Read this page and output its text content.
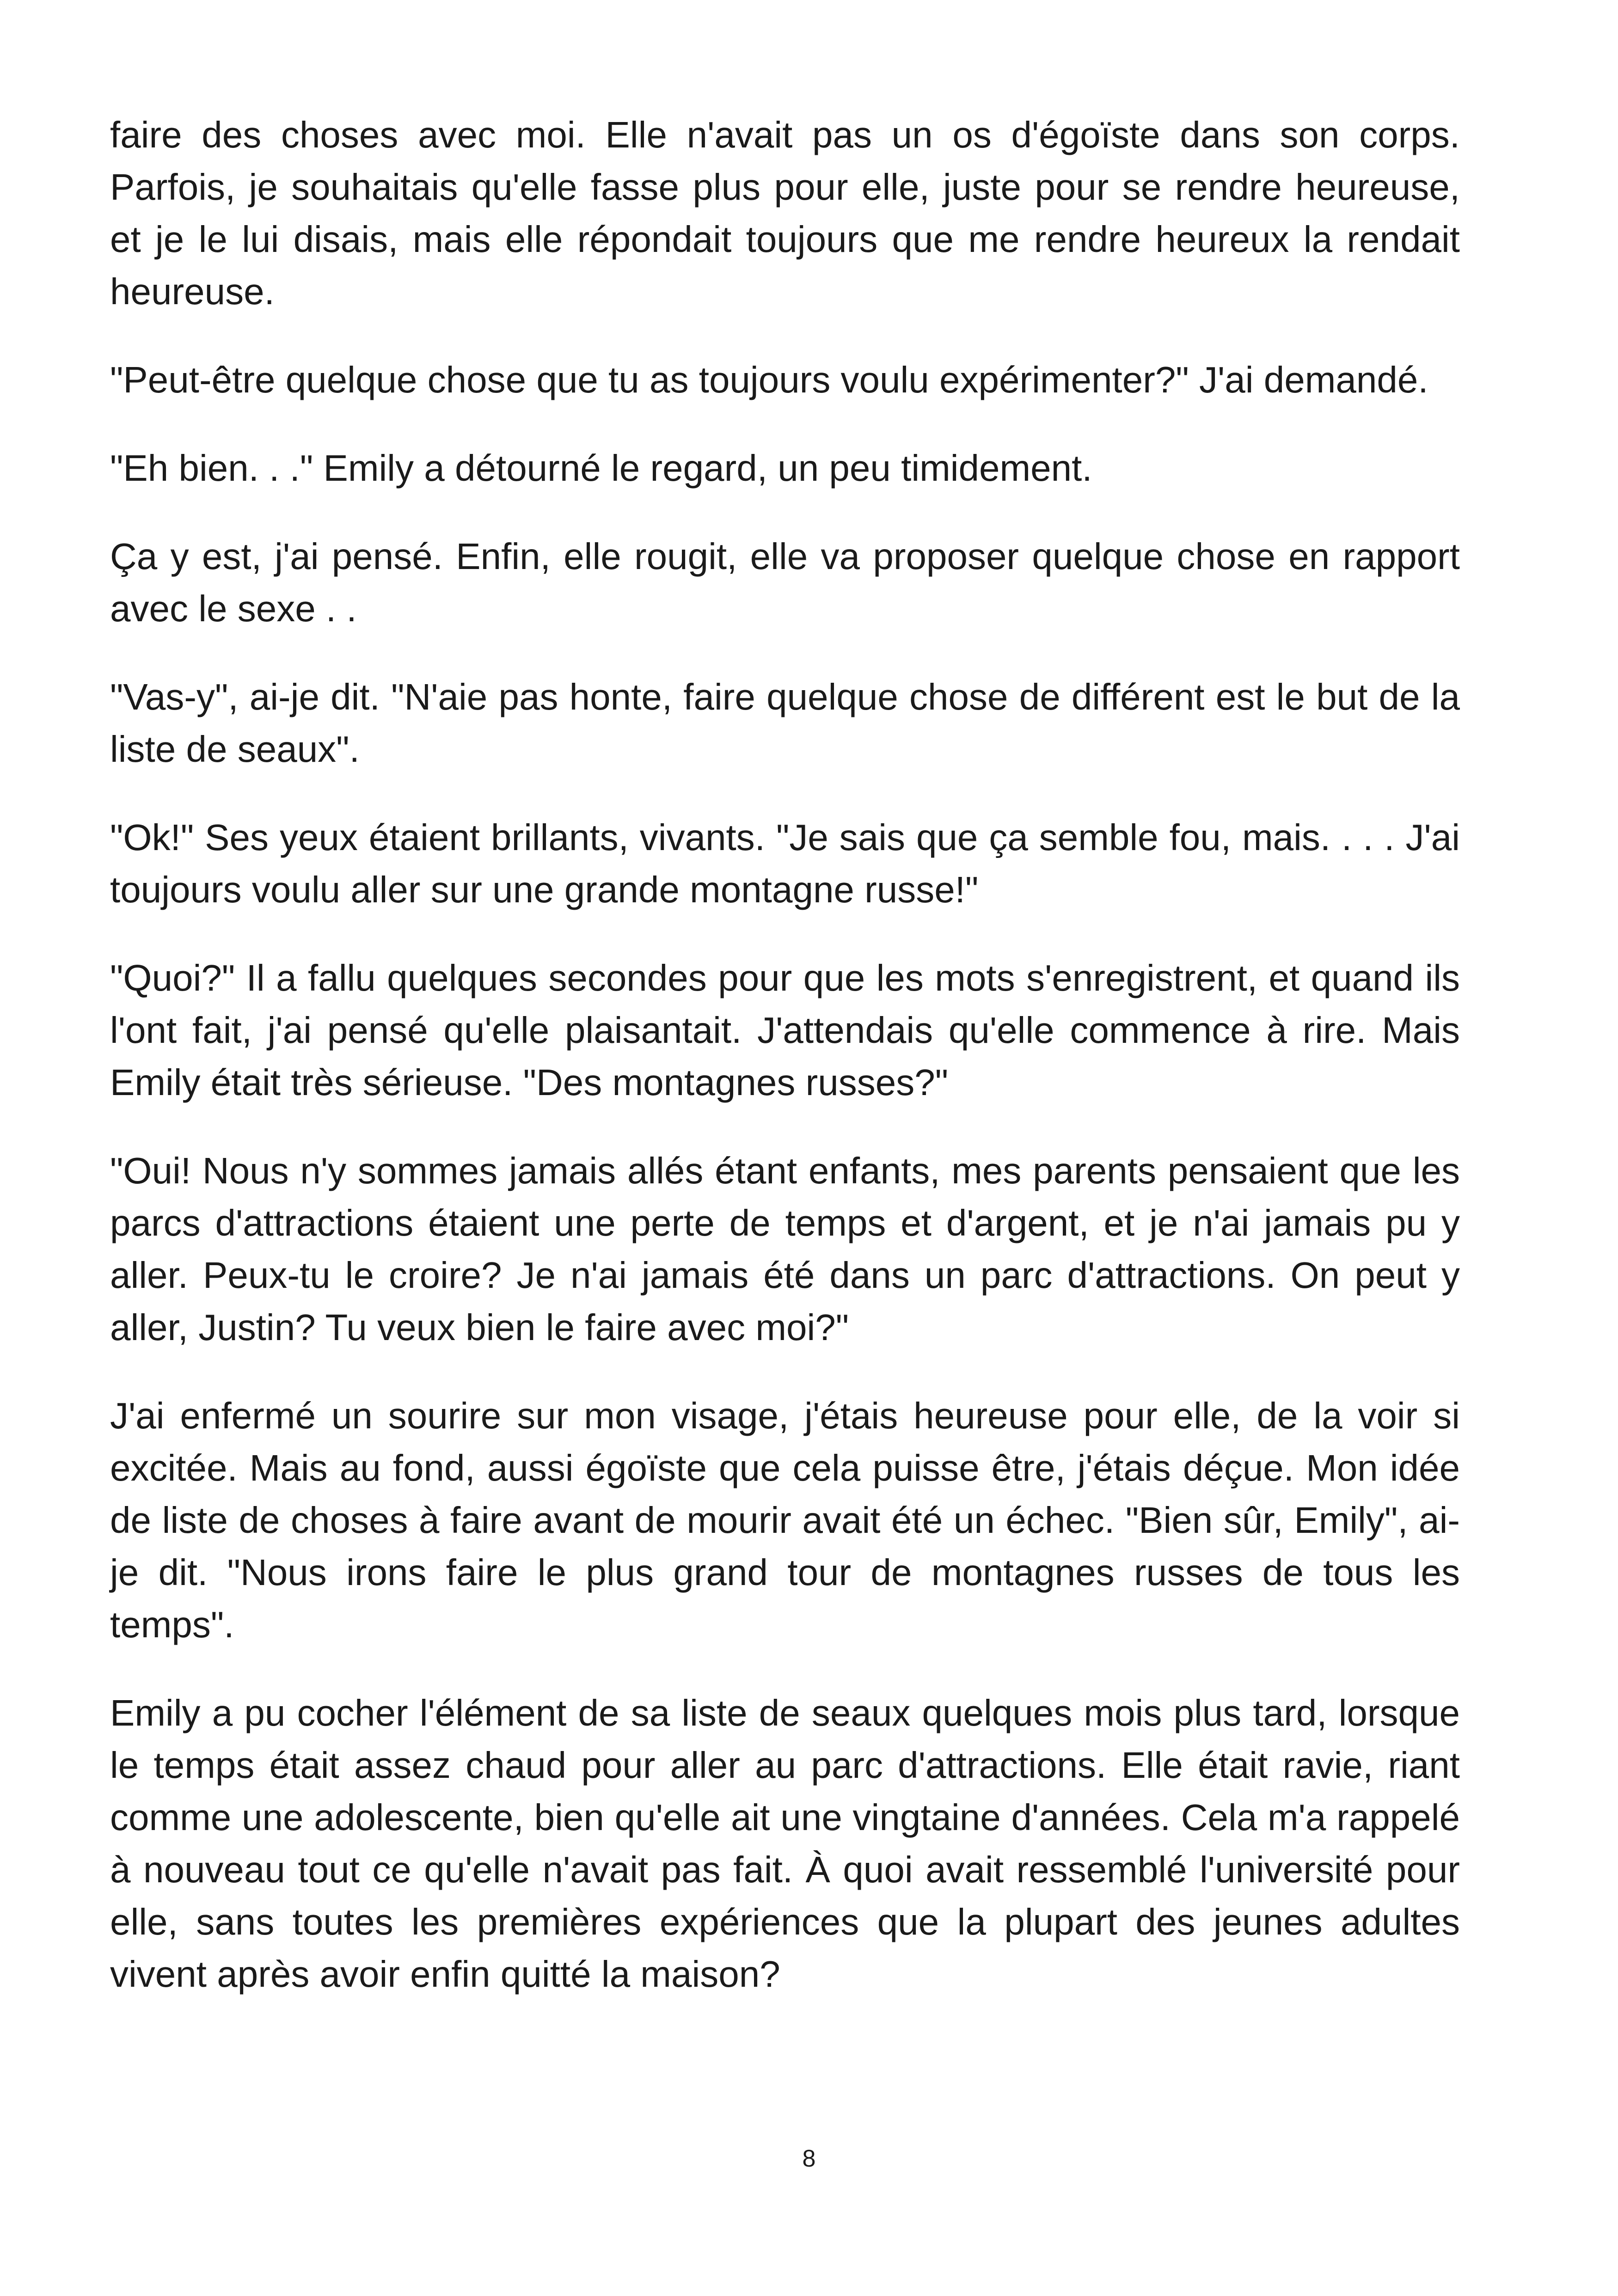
faire des choses avec moi. Elle n'avait pas un os d'égoïste dans son corps. Parfois, je souhaitais qu'elle fasse plus pour elle, juste pour se rendre heureuse, et je le lui disais, mais elle répondait toujours que me rendre heureux la rendait heureuse.

"Peut-être quelque chose que tu as toujours voulu expérimenter?" J'ai demandé.

"Eh bien. . ." Emily a détourné le regard, un peu timidement.

Ça y est, j'ai pensé. Enfin, elle rougit, elle va proposer quelque chose en rapport avec le sexe . .

"Vas-y", ai-je dit. "N'aie pas honte, faire quelque chose de différent est le but de la liste de seaux".

"Ok!" Ses yeux étaient brillants, vivants. "Je sais que ça semble fou, mais. . . . J'ai toujours voulu aller sur une grande montagne russe!"

"Quoi?" Il a fallu quelques secondes pour que les mots s'enregistrent, et quand ils l'ont fait, j'ai pensé qu'elle plaisantait. J'attendais qu'elle commence à rire. Mais Emily était très sérieuse. "Des montagnes russes?"

"Oui! Nous n'y sommes jamais allés étant enfants, mes parents pensaient que les parcs d'attractions étaient une perte de temps et d'argent, et je n'ai jamais pu y aller. Peux-tu le croire? Je n'ai jamais été dans un parc d'attractions. On peut y aller, Justin? Tu veux bien le faire avec moi?"

J'ai enfermé un sourire sur mon visage, j'étais heureuse pour elle, de la voir si excitée. Mais au fond, aussi égoïste que cela puisse être, j'étais déçue. Mon idée de liste de choses à faire avant de mourir avait été un échec. "Bien sûr, Emily", ai-je dit. "Nous irons faire le plus grand tour de montagnes russes de tous les temps".

Emily a pu cocher l'élément de sa liste de seaux quelques mois plus tard, lorsque le temps était assez chaud pour aller au parc d'attractions. Elle était ravie, riant comme une adolescente, bien qu'elle ait une vingtaine d'années. Cela m'a rappelé à nouveau tout ce qu'elle n'avait pas fait. À quoi avait ressemblé l'université pour elle, sans toutes les premières expériences que la plupart des jeunes adultes vivent après avoir enfin quitté la maison?

8
